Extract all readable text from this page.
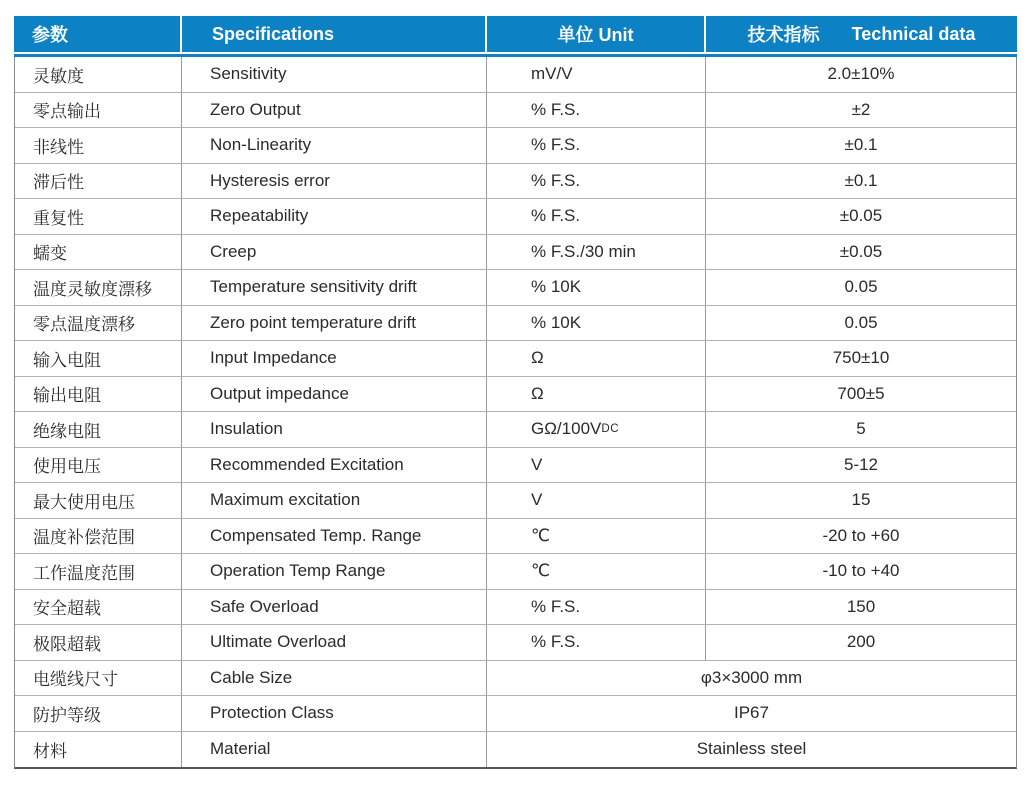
参数	Specifications	单位 Unit	技术指标 Technical data
灵敏度	Sensitivity	mV/V	2.0±10%
零点输出	Zero Output	% F.S.	±2
非线性	Non-Linearity	% F.S.	±0.1
滞后性	Hysteresis error	% F.S.	±0.1
重复性	Repeatability	% F.S.	±0.05
蠕变	Creep	% F.S./30 min	±0.05
温度灵敏度漂移	Temperature sensitivity drift	% 10K	0.05
零点温度漂移	Zero point temperature drift	% 10K	0.05
输入电阻	Input Impedance	Ω	750±10
输出电阻	Output impedance	Ω	700±5
绝缘电阻	Insulation	GΩ/100V DC	5
使用电压	Recommended Excitation	V	5-12
最大使用电压	Maximum excitation	V	15
温度补偿范围	Compensated Temp. Range	℃	-20 to +60
工作温度范围	Operation Temp Range	℃	-10 to +40
安全超载	Safe Overload	% F.S.	150
极限超载	Ultimate Overload	% F.S.	200
电缆线尺寸	Cable Size	φ3×3000 mm
防护等级	Protection Class	IP67
材料	Material	Stainless steel
